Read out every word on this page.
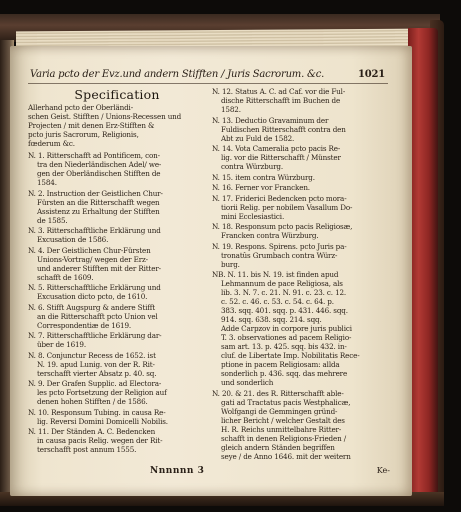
Varia pcto der Evz.und andern Stifften / Juris Sacrorum. &c.	1021
Specification
Allerhand pcto der Oberländi-
schen Geist. Stifften / Unions-Recessen und
Projecten / mit denen Erz-Stifften &
pcto juris Sacrorum, Religionis,
fœderum &c.
N. 1. Ritterschafft ad Pontificem, con-
tra den Niederländischen Adel/ we-
gen der Oberländischen Stifften de
1584.
N. 2. Instruction der Geistlichen Chur-
Fürsten an die Ritterschafft wegen
Assistenz zu Erhaltung der Stifften
de 1585.
N. 3. Ritterschafftliche Erklärung und
Excusation de 1586.
N. 4. Der Geistlichen Chur-Fürsten
Unions-Vortrag/ wegen der Erz-
und anderer Stifften mit der Ritter-
schafft de 1609.
N. 5. Ritterschafftliche Erklärung und
Excusation dicto pcto, de 1610.
N. 6. Stifft Augspurg & andere Stifft
an die Ritterschafft pcto Union vel
Correspondentiæ de 1619.
N. 7. Ritterschafftliche Erklärung dar-
über de 1619.
N. 8. Conjunctur Recess de 1652. ist
N. 19. apud Lunig. von der R. Rit-
terschafft vierter Absatz p. 40. sq.
N. 9. Der Grafen Supplic. ad Electora-
les pcto Fortsetzung der Religion auf
denen hohen Stifften / de 1586.
N. 10. Responsum Tubing. in causa Re-
lig. Reversi Domini Domicelli Nobilis.
N. 11. Der Ständen A. C. Bedencken
in causa pacis Relig. wegen der Rit-
terschafft post annum 1555.
N. 12. Status A. C. ad Caf. vor die Ful-
dische Ritterschafft im Buchen de
1582.
N. 13. Deductio Gravaminum der
Fuldischen Ritterschafft contra den
Abt zu Fuld de 1582.
N. 14. Vota Cameralia pcto pacis Re-
lig. vor die Ritterschafft / Münster
contra Würzburg.
N. 15. item contra Würzburg.
N. 16. Ferner vor Francken.
N. 17. Friderici Bedencken pcto mora-
tiorii Relig. per nobilem Vasallum Do-
mini Ecclesiastici.
N. 18. Responsum pcto pacis Religiosæ,
Francken contra Würzburg.
N. 19. Respons. Spirens. pcto Juris pa-
tronatûs Grumbach contra Würz-
burg.
NB. N. 11. bis N. 19. ist finden apud
Lehmannum de pace Religiosa, als
lib. 3. N. 7. c. 21. N. 91. c. 23. c. 12.
c. 52. c. 46. c. 53. c. 54. c. 64. p.
383. sqq. 401. sqq. p. 431. 446. sqq.
914. sqq. 638. sqq. 214. sqq.
Adde Carpzov in corpore juris publici
T. 3. observationes ad pacem Religio-
sam art. 13. p. 425. sqq. bis 432. in-
cluf. de Libertate Imp. Nobilitatis Rece-
ptione in pacem Religiosam: allda
sonderlich p. 436. sqq. das mehrere
und sonderlich
N. 20. & 21. des R. Ritterschafft able-
gati ad Tractatus pacis Westphalicæ,
Wolfgangi de Gemmingen gründ-
licher Bericht / welcher Gestalt des
H. R. Reichs unmittelbahre Ritter-
schafft in denen Religions-Frieden /
gleich andern Ständen begriffen
seye / de Anno 1646. mit der weitern
Nnnnnn 3	Ke-
